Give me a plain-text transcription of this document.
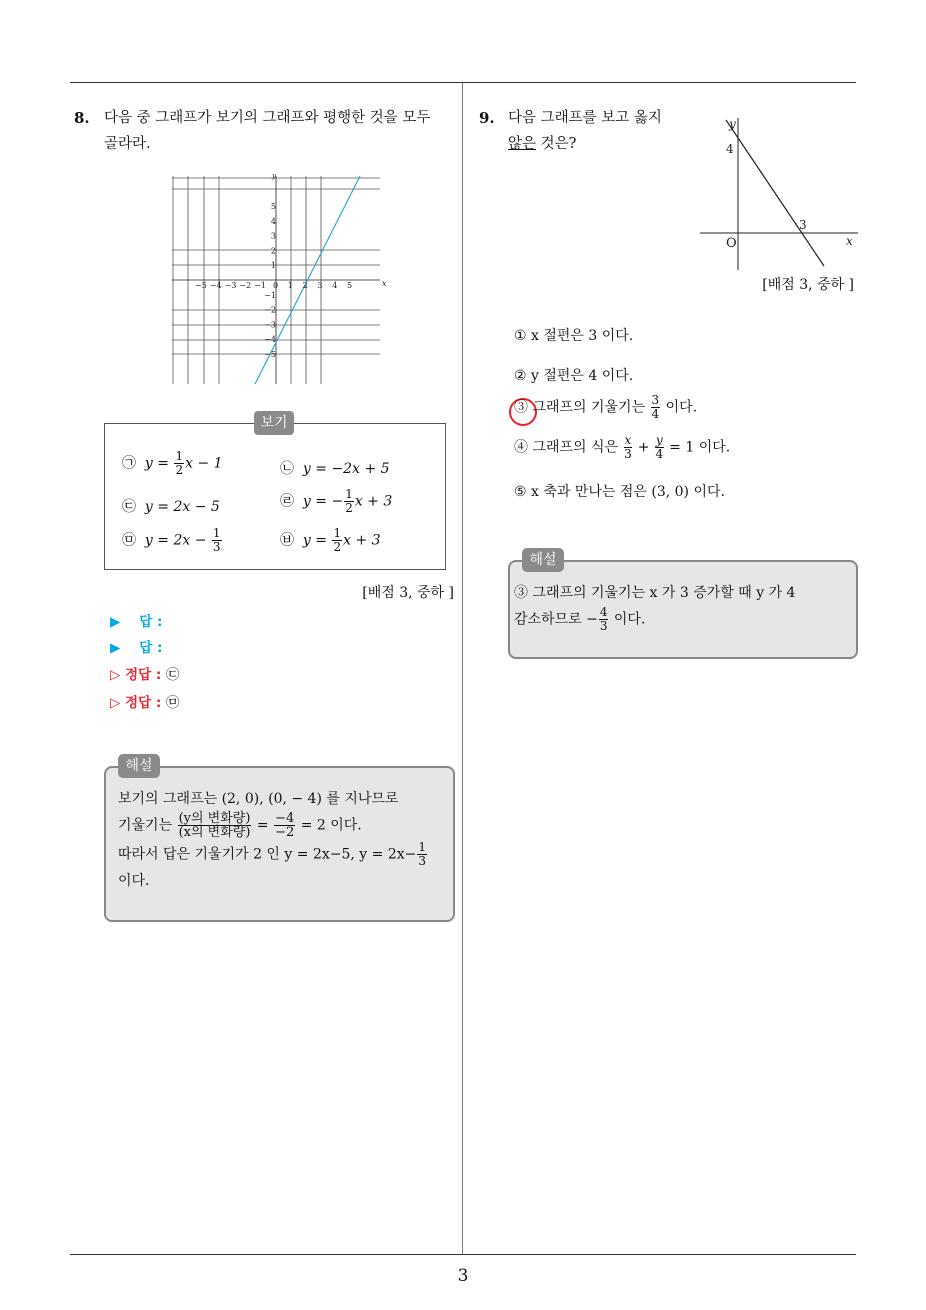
3
8. 다음 중 그래프가 보기의 그래프와 평행한 것을 모두
골라라.
−5 −4 −3 −2 −1 0 1 2 3 4 5
5
4
3
2
1
−1
−2
−3
−4
−5
x
y
보기
㉠ $y = \frac{1}{2}$ x − 1	㉡ y = −2x + 5
㉢ y = 2x − 5	㉣ y = − $\frac{1}{2}$ x + 3
㉤ $y = 2x - \frac{1}{3}$	㉥ $y = \frac{1}{2}$ x + 3
[배점 3, 중하 ]
▶ 답 :
▶ 답 :
▷ 정답 : ㉢
▷ 정답 : ㉤
해설
보기의 그래프는 (2, 0), (0, − 4) 를 지나므로
기울기는 $\frac{\text{(y의 변화량)}}{\text{(x의 변화량)}} = \frac{-4}{-2} = 2$ 이다.
따라서 답은 기울기가 2 인 y = 2x−5, $y = 2x- \frac{1}{3}$
이다.
9. 다음 그래프를 보고 옳지
않은 것은?
y
x
O
4
3
[배점 3, 중하 ]
① x 절편은 3 이다.
② y 절편은 4 이다.
③ 그래프의 기울기는 $\frac{3}{4}$ 이다.
④ 그래프의 식은 $\frac{x}{3} + \frac{y}{4} = 1$ 이다.
⑤ x 축과 만나는 점은 (3, 0) 이다.
해설
③ 그래프의 기울기는 x 가 3 증가할 때 y 가 4
감소하므로 − $\frac{4}{3}$ 이다.
